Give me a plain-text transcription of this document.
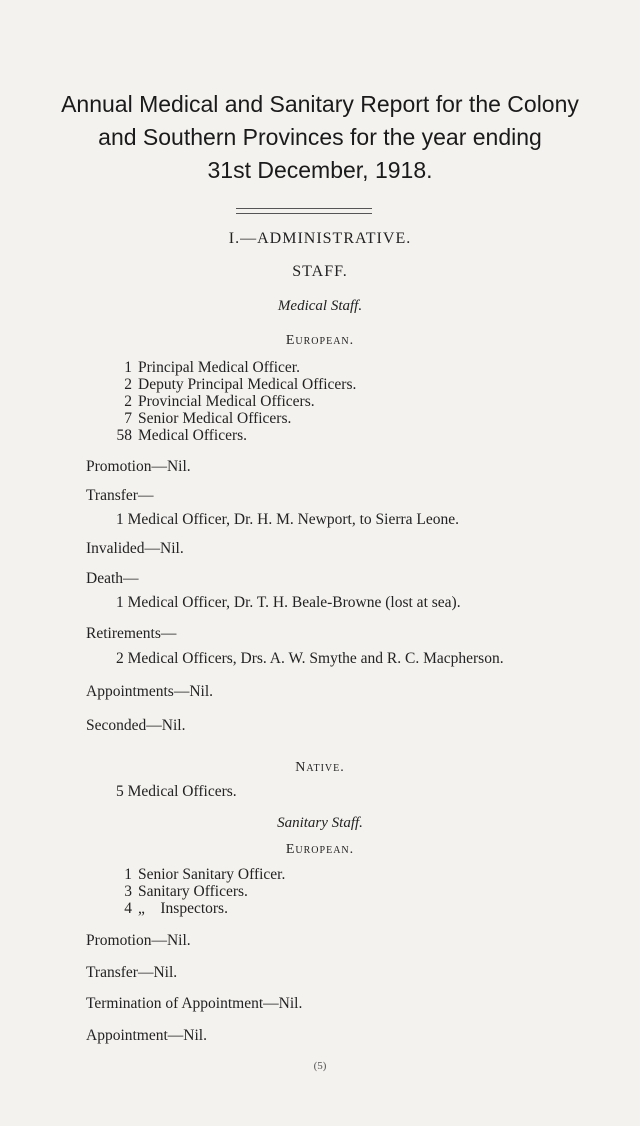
Annual Medical and Sanitary Report for the Colony
and Southern Provinces for the year ending
31st December, 1918.
I.—ADMINISTRATIVE.
STAFF.
Medical Staff.
European.
1 Principal Medical Officer.
2 Deputy Principal Medical Officers.
2 Provincial Medical Officers.
7 Senior Medical Officers.
58 Medical Officers.
Promotion—Nil.
Transfer—
1 Medical Officer, Dr. H. M. Newport, to Sierra Leone.
Invalided—Nil.
Death—
1 Medical Officer, Dr. T. H. Beale-Browne (lost at sea).
Retirements—
2 Medical Officers, Drs. A. W. Smythe and R. C. Macpherson.
Appointments—Nil.
Seconded—Nil.
Native.
5 Medical Officers.
Sanitary Staff.
European.
1 Senior Sanitary Officer.
3 Sanitary Officers.
4 „    Inspectors.
Promotion—Nil.
Transfer—Nil.
Termination of Appointment—Nil.
Appointment—Nil.
(5)
